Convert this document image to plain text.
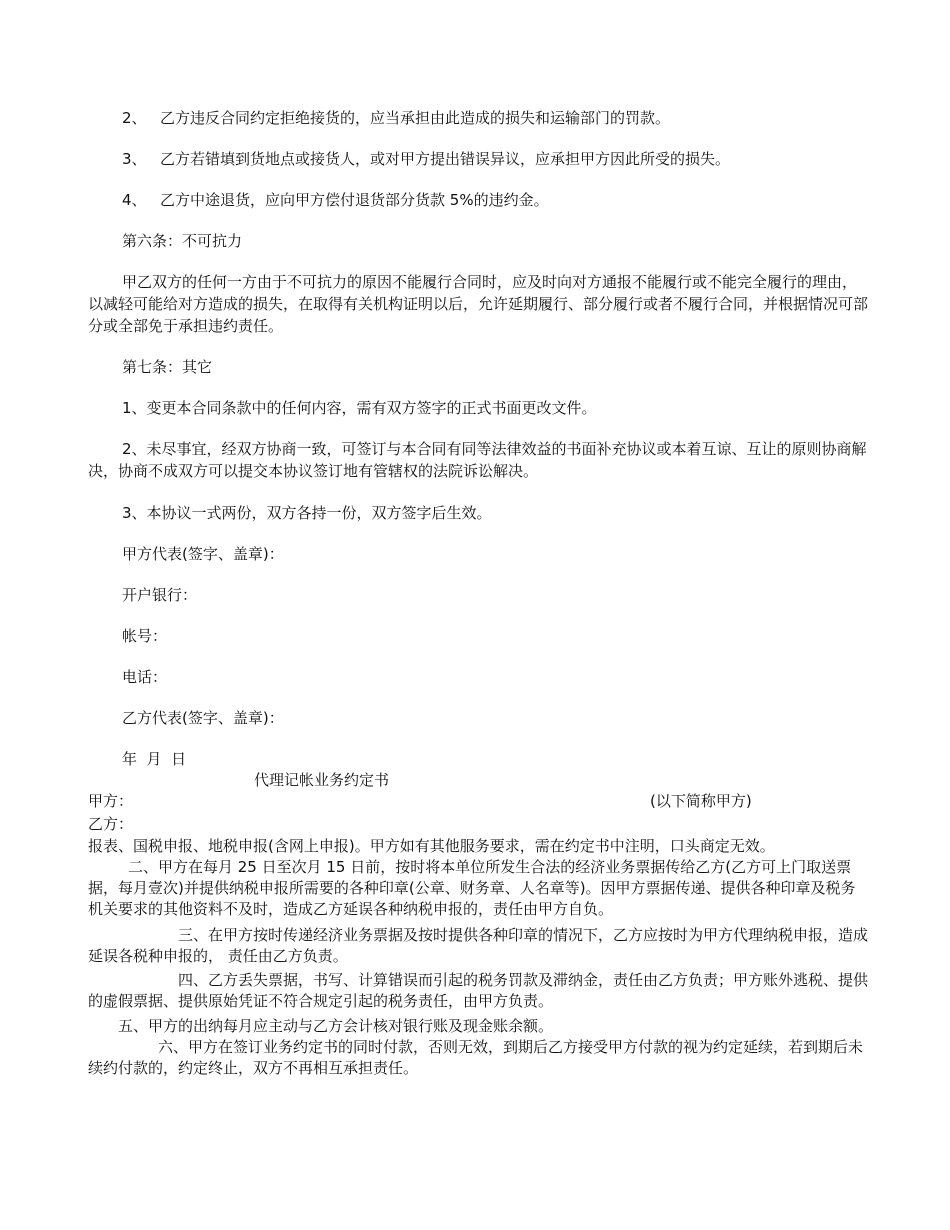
2、 乙方违反合同约定拒绝接货的，应当承担由此造成的损失和运输部门的罚款。

3、 乙方若错填到货地点或接货人，或对甲方提出错误异议，应承担甲方因此所受的损失。

4、 乙方中途退货，应向甲方偿付退货部分货款 5%的违约金。

第六条：不可抗力

甲乙双方的任何一方由于不可抗力的原因不能履行合同时，应及时向对方通报不能履行或不能完全履行的理由，以减轻可能给对方造成的损失，在取得有关机构证明以后，允许延期履行、部分履行或者不履行合同，并根据情况可部分或全部免于承担违约责任。

第七条：其它

1、变更本合同条款中的任何内容，需有双方签字的正式书面更改文件。

2、未尽事宜，经双方协商一致，可签订与本合同有同等法律效益的书面补充协议或本着互谅、互让的原则协商解决，协商不成双方可以提交本协议签订地有管辖权的法院诉讼解决。

3、本协议一式两份，双方各持一份，双方签字后生效。

甲方代表(签字、盖章)：

开户银行：

帐号：

电话：

乙方代表(签字、盖章)：

年  月  日

代理记帐业务约定书

甲方：	(以下简称甲方)

乙方：

报表、国税申报、地税申报(含网上申报)。甲方如有其他服务要求，需在约定书中注明，口头商定无效。

二、甲方在每月 25 日至次月 15 日前，按时将本单位所发生合法的经济业务票据传给乙方(乙方可上门取送票据，每月壹次)并提供纳税申报所需要的各种印章(公章、财务章、人名章等)。因甲方票据传递、提供各种印章及税务机关要求的其他资料不及时，造成乙方延误各种纳税申报的，责任由甲方自负。

三、在甲方按时传递经济业务票据及按时提供各种印章的情况下，乙方应按时为甲方代理纳税申报，造成延误各税种申报的， 责任由乙方负责。

四、乙方丢失票据，书写、计算错误而引起的税务罚款及滞纳金，责任由乙方负责；甲方账外逃税、提供的虚假票据、提供原始凭证不符合规定引起的税务责任，由甲方负责。

五、甲方的出纳每月应主动与乙方会计核对银行账及现金账余额。

六、甲方在签订业务约定书的同时付款，否则无效，到期后乙方接受甲方付款的视为约定延续，若到期后未续约付款的，约定终止，双方不再相互承担责任。
